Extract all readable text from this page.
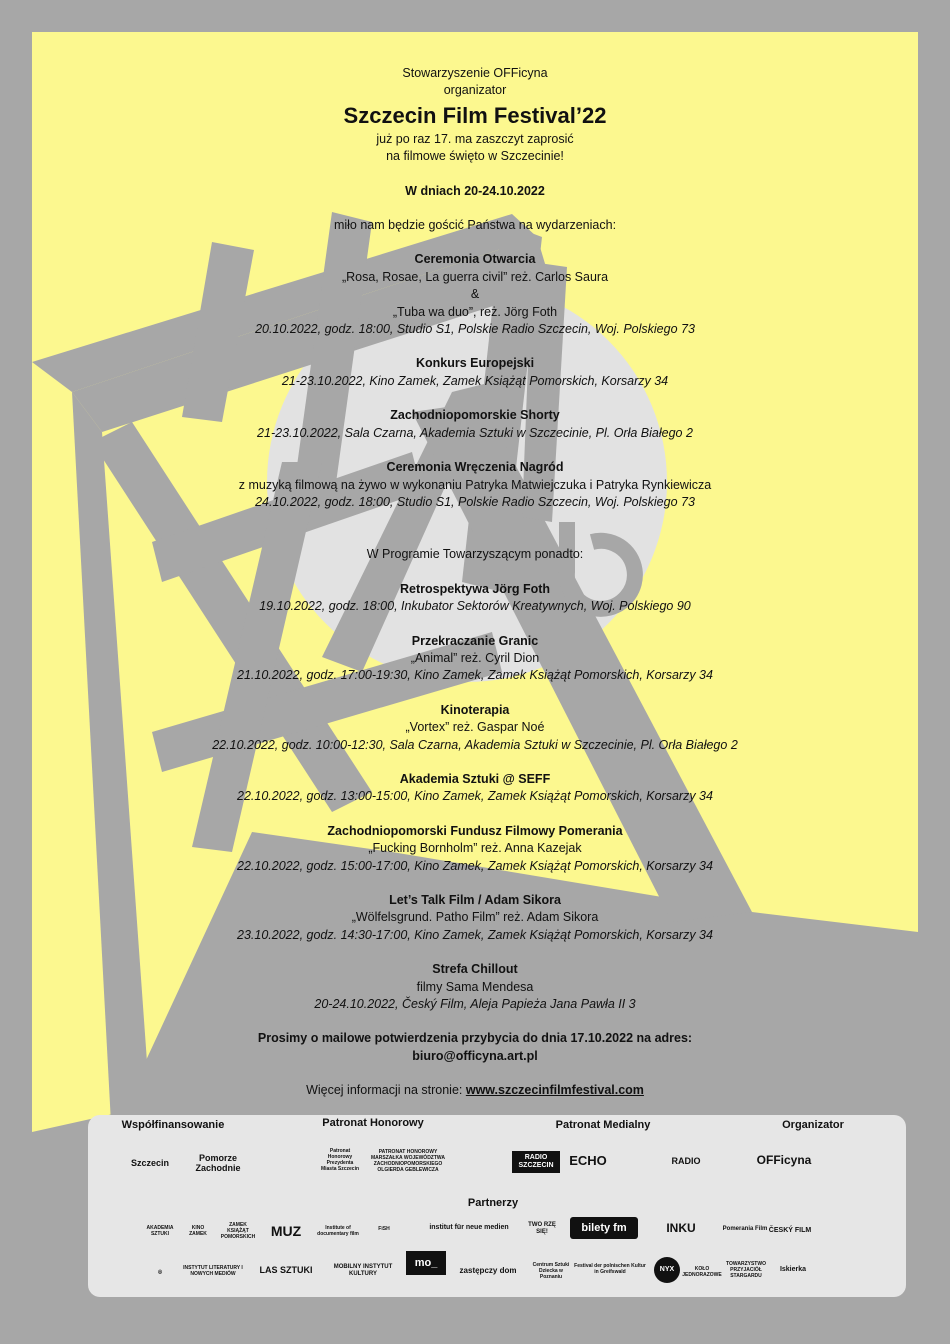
Stowarzyszenie OFFicyna
organizator
Szczecin Film Festival’22
już po raz 17. ma zaszczyt zaprosić
na filmowe święto w Szczecinie!
W dniach 20-24.10.2022
miło nam będzie gościć Państwa na wydarzeniach:
Ceremonia Otwarcia
„Rosa, Rosae, La guerra civil” reż. Carlos Saura
&
„Tuba wa duo”, reż. Jörg Foth
20.10.2022, godz. 18:00, Studio S1, Polskie Radio Szczecin, Woj. Polskiego 73
Konkurs Europejski
21-23.10.2022, Kino Zamek, Zamek Książąt Pomorskich, Korsarzy 34
Zachodniopomorskie Shorty
21-23.10.2022, Sala Czarna, Akademia Sztuki w Szczecinie, Pl. Orła Białego 2
Ceremonia Wręczenia Nagród
z muzyką filmową na żywo w wykonaniu Patryka Matwiejczuka i Patryka Rynkiewicza
24.10.2022, godz. 18:00, Studio S1, Polskie Radio Szczecin, Woj. Polskiego 73
W Programie Towarzyszącym ponadto:
Retrospektywa Jörg Foth
19.10.2022, godz. 18:00, Inkubator Sektorów Kreatywnych, Woj. Polskiego 90
Przekraczanie Granic
„Animal” reż. Cyril Dion
21.10.2022, godz. 17:00-19:30, Kino Zamek, Zamek Książąt Pomorskich, Korsarzy 34
Kinoterapia
„Vortex” reż. Gaspar Noé
22.10.2022, godz. 10:00-12:30, Sala Czarna, Akademia Sztuki w Szczecinie, Pl. Orła Białego 2
Akademia Sztuki @ SEFF
22.10.2022, godz. 13:00-15:00, Kino Zamek, Zamek Książąt Pomorskich, Korsarzy 34
Zachodniopomorski Fundusz Filmowy Pomerania
„Fucking Bornholm” reż. Anna Kazejak
22.10.2022, godz. 15:00-17:00, Kino Zamek, Zamek Książąt Pomorskich, Korsarzy 34
Let’s Talk Film / Adam Sikora
„Wölfelsgrund. Patho Film” reż. Adam Sikora
23.10.2022, godz. 14:30-17:00, Kino Zamek, Zamek Książąt Pomorskich, Korsarzy 34
Strefa Chillout
filmy Sama Mendesa
20-24.10.2022, Český Film, Aleja Papieża Jana Pawła II 3
Prosimy o mailowe potwierdzenia przybycia do dnia 17.10.2022 na adres:
biuro@officyna.art.pl
Więcej informacji na stronie: www.szczecinfilmfestival.com
Współfinansowanie	Patronat Honorowy	Patronat Medialny	Organizator
Partnerzy
Szczecin	Pomorze Zachodnie
Patronat Honorowy Prezydenta Miasta Szczecin
PATRONAT HONOROWY MARSZAŁKA WOJEWÓDZTWA ZACHODNIOPOMORSKIEGO OLGIERDA GEBLEWICZA
RADIO SZCZECIN	ECHO	RADIO	OFFicyna
AKADEMIA SZTUKI
KINO ZAMEK
ZAMEK KSIĄŻĄT POMORSKICH	MUZ	Institute of documentary film
FiSH	institut für neue medien	TWO RZĘ SIĘ!	bilety fm	INKU	Pomerania Film ČESKÝ FILM
◎
INSTYTUT LITERATURY I NOWYCH MEDIÓW	LAS SZTUKI	MOBILNY INSTYTUT KULTURY
mo_
zastępczy dom
Centrum Sztuki Dziecka w Poznaniu
Festival der polnischen Kultur in Greifswald	NYX	KOŁO JEDNORAZOWE
TOWARZYSTWO PRZYJACIÓŁ STARGARDU
Iskierka
